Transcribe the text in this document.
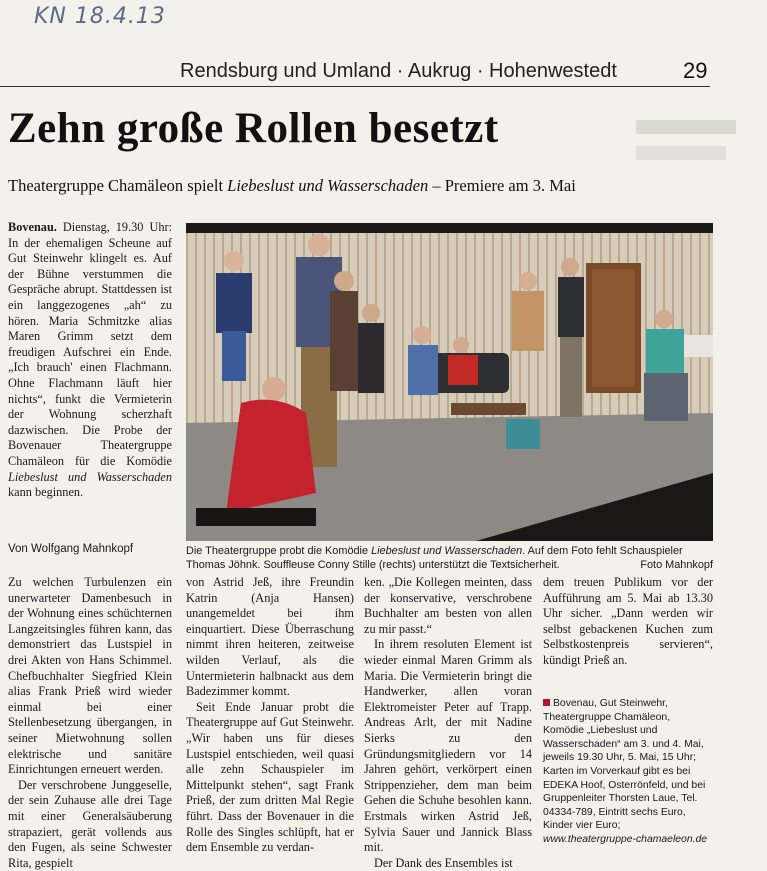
KN 18.4.13
Rendsburg und Umland · Aukrug · Hohenwestedt	29
Zehn große Rollen besetzt
Theatergruppe Chamäleon spielt Liebeslust und Wasserschaden – Premiere am 3. Mai

Bovenau. Dienstag, 19.30 Uhr: In der ehemaligen Scheune auf Gut Steinwehr klingelt es. Auf der Bühne verstummen die Gespräche abrupt. Stattdessen ist ein langgezogenes „ah“ zu hören. Maria Schmitzke alias Maren Grimm setzt dem freudigen Aufschrei ein Ende. „Ich brauch' einen Flachmann. Ohne Flachmann läuft hier nichts“, funkt die Vermieterin der Wohnung scherzhaft dazwischen. Die Probe der Bovenauer Theatergruppe Chamäleon für die Komödie Liebeslust und Wasserschaden kann beginnen.

Von Wolfgang Mahnkopf	Die Theatergruppe probt die Komödie Liebeslust und Wasserschaden. Auf dem Foto fehlt Schauspieler Thomas Jöhnk. Souffleuse Conny Stille (rechts) unterstützt die Textsicherheit.	Foto Mahnkopf

Zu welchen Turbulenzen ein unerwarteter Damenbesuch in der Wohnung eines schüchternen Langzeitsingles führen kann, das demonstriert das Lustspiel in drei Akten von Hans Schimmel. Chefbuchhalter Siegfried Klein alias Frank Prieß wird wieder einmal bei einer Stellenbesetzung übergangen, in seiner Mietwohnung sollen elektrische und sanitäre Einrichtungen erneuert werden.

Der verschrobene Junggeselle, der sein Zuhause alle drei Tage mit einer Generalsäuberung strapaziert, gerät vollends aus den Fugen, als seine Schwester Rita, gespielt

von Astrid Jeß, ihre Freundin Katrin (Anja Hansen) unangemeldet bei ihm einquartiert. Diese Überraschung nimmt ihren heiteren, zeitweise wilden Verlauf, als die Untermieterin halbnackt aus dem Badezimmer kommt.

Seit Ende Januar probt die Theatergruppe auf Gut Steinwehr. „Wir haben uns für dieses Lustspiel entschieden, weil quasi alle zehn Schauspieler im Mittelpunkt stehen“, sagt Frank Prieß, der zum dritten Mal Regie führt. Dass der Bovenauer in die Rolle des Singles schlüpft, hat er dem Ensemble zu verdan-

ken. „Die Kollegen meinten, dass der konservative, verschrobene Buchhalter am besten von allen zu mir passt.“

In ihrem resoluten Element ist wieder einmal Maren Grimm als Maria. Die Vermieterin bringt die Handwerker, allen voran Elektromeister Peter auf Trapp. Andreas Arlt, der mit Nadine Sierks zu den Gründungsmitgliedern vor 14 Jahren gehört, verkörpert einen Strippenzieher, dem man beim Gehen die Schuhe besohlen kann. Erstmals wirken Astrid Jeß, Sylvia Sauer und Jannick Blass mit.

Der Dank des Ensembles ist

dem treuen Publikum vor der Aufführung am 5. Mai ab 13.30 Uhr sicher. „Dann werden wir selbst gebackenen Kuchen zum Selbstkostenpreis servieren“, kündigt Prieß an.

Bovenau, Gut Steinwehr, Theatergruppe Chamäleon, Komödie „Liebeslust und Wasserschaden“ am 3. und 4. Mai, jeweils 19.30 Uhr, 5. Mai, 15 Uhr; Karten im Vorverkauf gibt es bei EDEKA Hoof, Osterrönfeld, und bei Gruppenleiter Thorsten Laue, Tel. 04334-789, Eintritt sechs Euro, Kinder vier Euro; www.theatergruppe-chamaeleon.de
